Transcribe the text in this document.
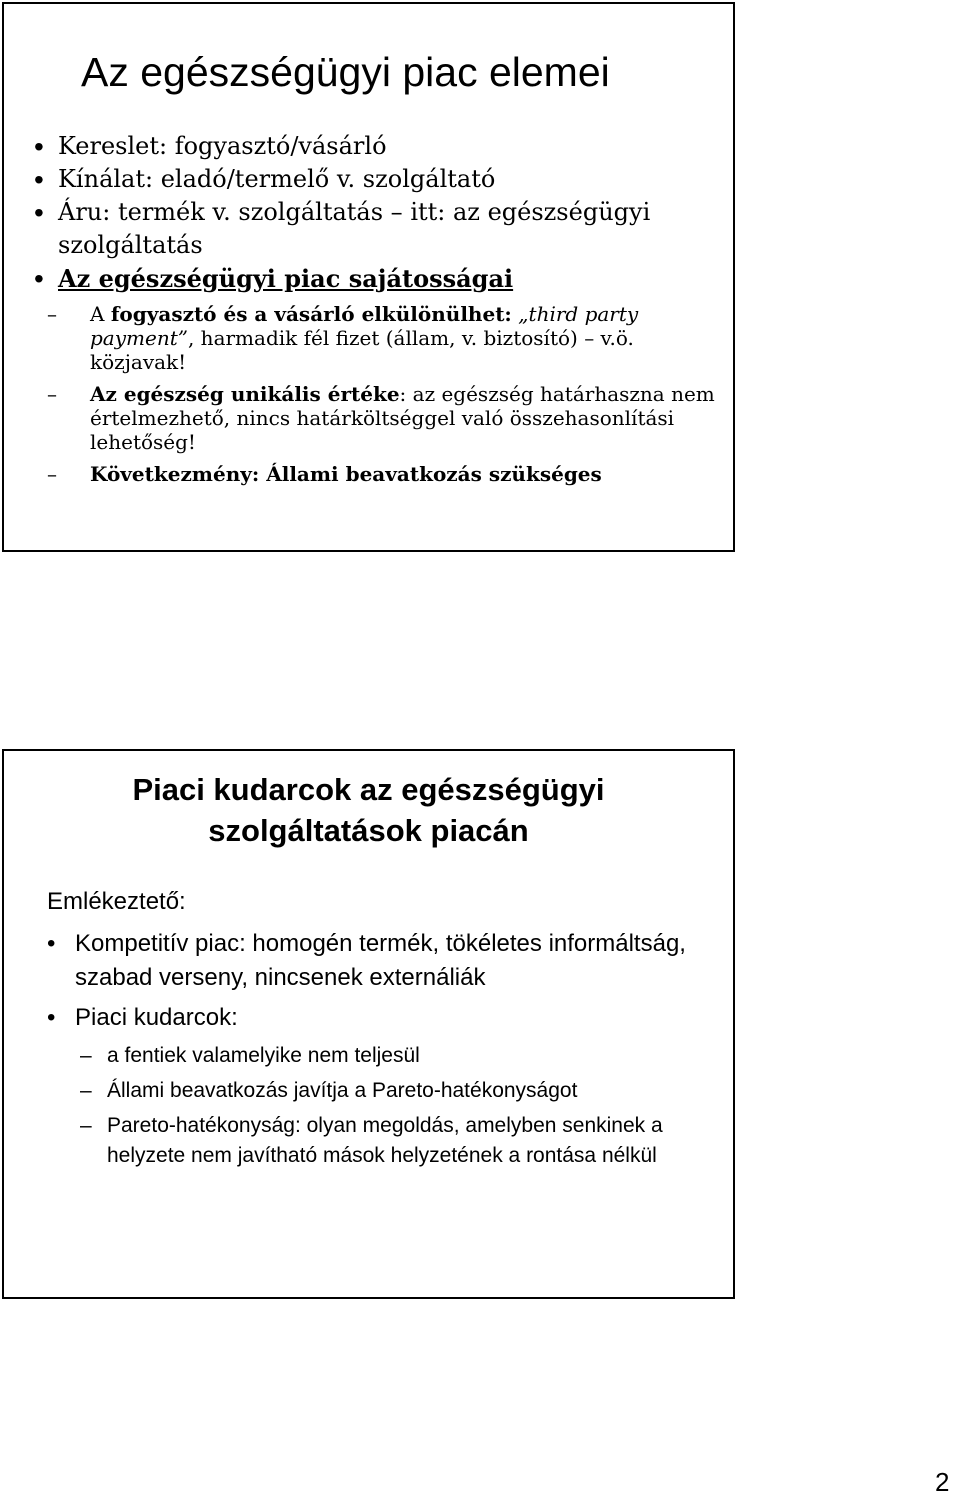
Az egészségügyi piac elemei
• Kereslet: fogyasztó/vásárló
• Kínálat: eladó/termelő v. szolgáltató
• Áru: termék v. szolgáltatás – itt: az egészségügyi szolgáltatás
• Az egészségügyi piac sajátosságai
– A fogyasztó és a vásárló elkülönülhet: „third party payment”, harmadik fél fizet (állam, v. biztosító) – v.ö. közjavak!
– Az egészség unikális értéke: az egészség határhaszna nem értelmezhető, nincs határköltséggel való összehasonlítási lehetőség!
– Következmény: Állami beavatkozás szükséges
Piaci kudarcok az egészségügyi
szolgáltatások piacán
Emlékeztető:
• Kompetitív piac: homogén termék, tökéletes informáltság, szabad verseny, nincsenek externáliák
• Piaci kudarcok:
– a fentiek valamelyike nem teljesül
– Állami beavatkozás javítja a Pareto-hatékonyságot
– Pareto-hatékonyság: olyan megoldás, amelyben senkinek a helyzete nem javítható mások helyzetének a rontása nélkül
2
